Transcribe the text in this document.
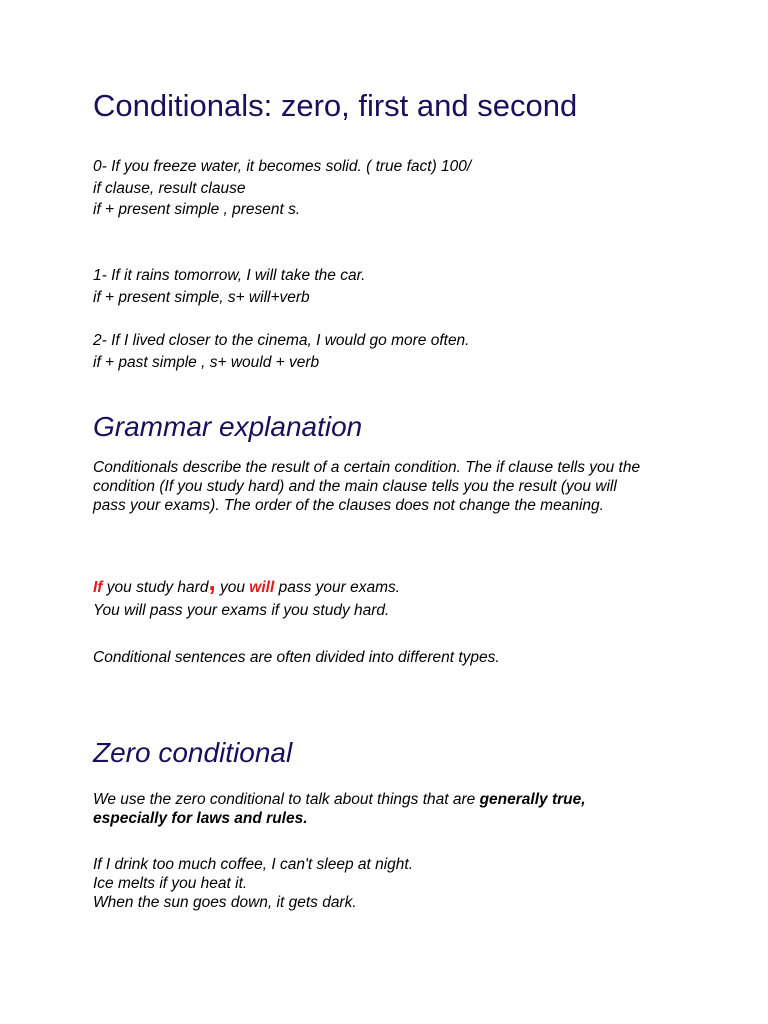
Conditionals: zero, first and second
0- If you freeze water, it becomes solid. ( true fact) 100/
if clause, result clause
if + present simple , present s.
1- If it rains tomorrow, I will take the car.
if + present simple, s+ will+verb
2- If I lived closer to the cinema, I would go more often.
if + past simple , s+ would + verb
Grammar explanation
Conditionals describe the result of a certain condition. The if clause tells you the condition (If you study hard) and the main clause tells you the result (you will pass your exams). The order of the clauses does not change the meaning.
If you study hard, you will pass your exams.
You will pass your exams if you study hard.
Conditional sentences are often divided into different types.
Zero conditional
We use the zero conditional to talk about things that are generally true, especially for laws and rules.
If I drink too much coffee, I can't sleep at night.
Ice melts if you heat it.
When the sun goes down, it gets dark.
